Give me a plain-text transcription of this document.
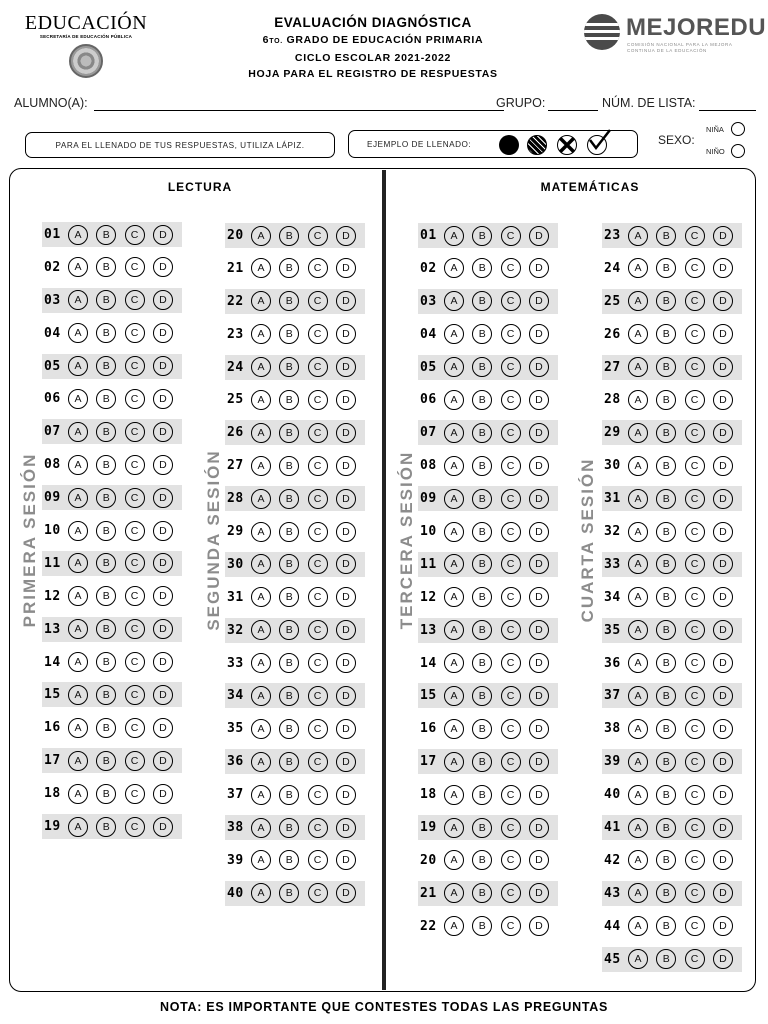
EDUCACIÓN
SECRETARÍA DE EDUCACIÓN PÚBLICA
EVALUACIÓN DIAGNÓSTICA
6TO. GRADO DE EDUCACIÓN PRIMARIA
CICLO ESCOLAR 2021-2022
HOJA PARA EL REGISTRO DE RESPUESTAS
MEJOREDU
COMISIÓN NACIONAL PARA LA MEJORA CONTINUA DE LA EDUCACIÓN
ALUMNO(A):	GRUPO:	NÚM. DE LISTA:
PARA EL LLENADO DE TUS RESPUESTAS, UTILIZA LÁPIZ.	EJEMPLO DE LLENADO:	SEXO:
NIÑA
NIÑO
LECTURA	MATEMÁTICAS
PRIMERA SESIÓN	SEGUNDA SESIÓN	TERCERA SESIÓN	CUARTA SESIÓN
01	A	B	C	D
02	A	B	C	D
03	A	B	C	D
04	A	B	C	D
05	A	B	C	D
06	A	B	C	D
07	A	B	C	D
08	A	B	C	D
09	A	B	C	D
10	A	B	C	D
11	A	B	C	D
12	A	B	C	D
13	A	B	C	D
14	A	B	C	D
15	A	B	C	D
16	A	B	C	D
17	A	B	C	D
18	A	B	C	D
19	A	B	C	D
20	A	B	C	D
21	A	B	C	D
22	A	B	C	D
23	A	B	C	D
24	A	B	C	D
25	A	B	C	D
26	A	B	C	D
27	A	B	C	D
28	A	B	C	D
29	A	B	C	D
30	A	B	C	D
31	A	B	C	D
32	A	B	C	D
33	A	B	C	D
34	A	B	C	D
35	A	B	C	D
36	A	B	C	D
37	A	B	C	D
38	A	B	C	D
39	A	B	C	D
40	A	B	C	D
01	A	B	C	D
02	A	B	C	D
03	A	B	C	D
04	A	B	C	D
05	A	B	C	D
06	A	B	C	D
07	A	B	C	D
08	A	B	C	D
09	A	B	C	D
10	A	B	C	D
11	A	B	C	D
12	A	B	C	D
13	A	B	C	D
14	A	B	C	D
15	A	B	C	D
16	A	B	C	D
17	A	B	C	D
18	A	B	C	D
19	A	B	C	D
20	A	B	C	D
21	A	B	C	D
22	A	B	C	D
23	A	B	C	D
24	A	B	C	D
25	A	B	C	D
26	A	B	C	D
27	A	B	C	D
28	A	B	C	D
29	A	B	C	D
30	A	B	C	D
31	A	B	C	D
32	A	B	C	D
33	A	B	C	D
34	A	B	C	D
35	A	B	C	D
36	A	B	C	D
37	A	B	C	D
38	A	B	C	D
39	A	B	C	D
40	A	B	C	D
41	A	B	C	D
42	A	B	C	D
43	A	B	C	D
44	A	B	C	D
45	A	B	C	D
NOTA: ES IMPORTANTE QUE CONTESTES TODAS LAS PREGUNTAS
